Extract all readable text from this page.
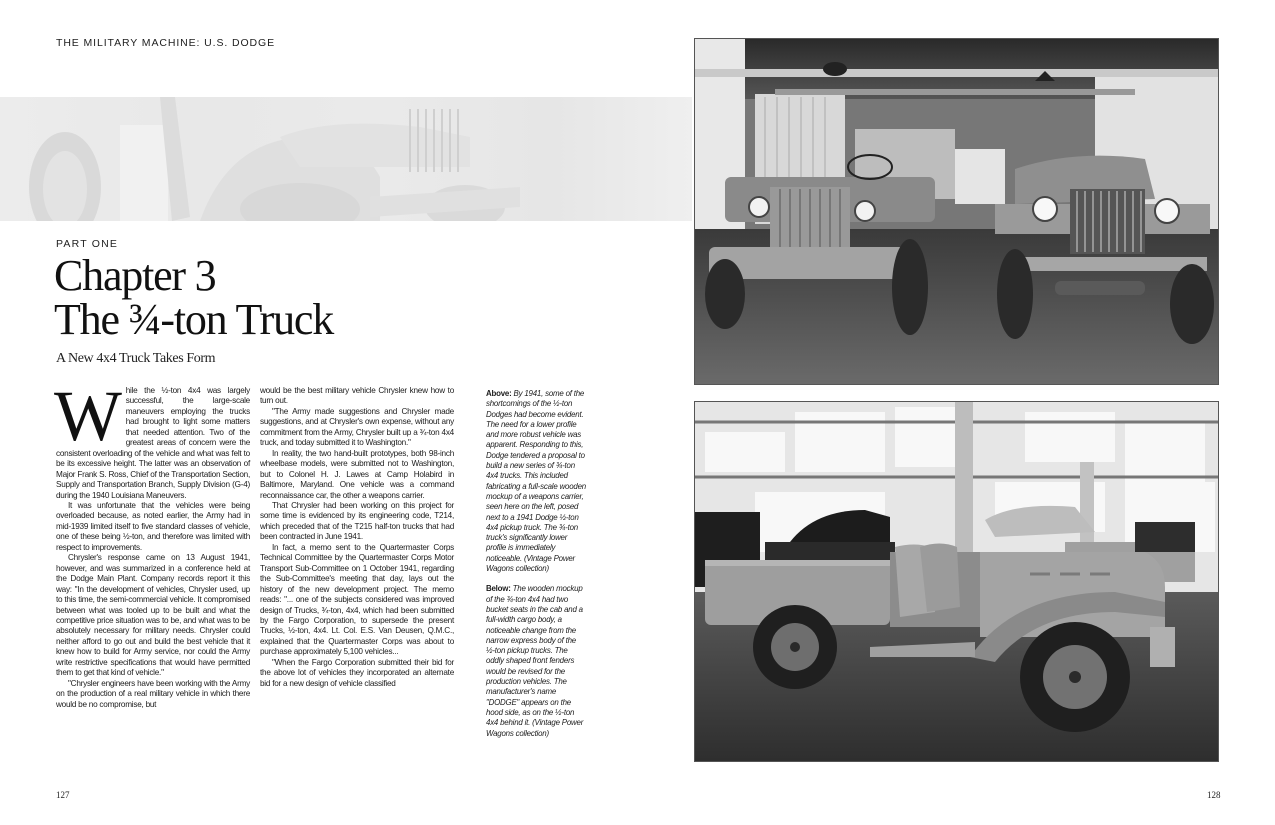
THE MILITARY MACHINE: U.S. DODGE
PART ONE
Chapter 3
The ¾-ton Truck
A New 4x4 Truck Takes Form

While the ½-ton 4x4 was largely successful, the large-scale maneuvers employing the trucks had brought to light some matters that needed attention. Two of the greatest areas of concern were the consistent overloading of the vehicle and what was felt to be its excessive height. The latter was an observation of Major Frank S. Ross, Chief of the Transportation Section, Supply and Transportation Branch, Supply Division (G-4) during the 1940 Louisiana Maneuvers.

It was unfortunate that the vehicles were being overloaded because, as noted earlier, the Army had in mid-1939 limited itself to five standard classes of vehicle, one of these being ½-ton, and therefore was limited with respect to improvements.

Chrysler's response came on 13 August 1941, however, and was summarized in a conference held at the Dodge Main Plant. Company records report it this way: "In the development of vehicles, Chrysler used, up to this time, the semi-commercial vehicle. It compromised between what was tooled up to be built and what the competitive price situation was to be, and what was to be absolutely necessary for military needs. Chrysler could neither afford to go out and build the best vehicle that it knew how to build for Army service, nor could the Army write restrictive specifications that would have permitted them to get that kind of vehicle."

"Chrysler engineers have been working with the Army on the production of a real military vehicle in which there would be no compromise, but

would be the best military vehicle Chrysler knew how to turn out.

"The Army made suggestions and Chrysler made suggestions, and at Chrysler's own expense, without any commitment from the Army, Chrysler built up a ¾-ton 4x4 truck, and today submitted it to Washington."

In reality, the two hand-built prototypes, both 98-inch wheelbase models, were submitted not to Washington, but to Colonel H. J. Lawes at Camp Holabird in Baltimore, Maryland. One vehicle was a command reconnaissance car, the other a weapons carrier.

That Chrysler had been working on this project for some time is evidenced by its engineering code, T214, which preceded that of the T215 half-ton trucks that had been contracted in June 1941.

In fact, a memo sent to the Quartermaster Corps Technical Committee by the Quartermaster Corps Motor Transport Sub-Committee on 1 October 1941, regarding the Sub-Committee's meeting that day, lays out the history of the new development project. The memo reads: "... one of the subjects considered was improved design of Trucks, ¾-ton, 4x4, which had been submitted by the Fargo Corporation, to supersede the present Trucks, ½-ton, 4x4. Lt. Col. E.S. Van Deusen, Q.M.C., explained that the Quartermaster Corps was about to purchase approximately 5,100 vehicles...

"When the Fargo Corporation submitted their bid for the above lot of vehicles they incorporated an alternate bid for a new design of vehicle classified

Above: By 1941, some of the shortcomings of the ½-ton Dodges had become evident. The need for a lower profile and more robust vehicle was apparent. Responding to this, Dodge tendered a proposal to build a new series of ¾-ton 4x4 trucks. This included fabricating a full-scale wooden mockup of a weapons carrier, seen here on the left, posed next to a 1941 Dodge ½-ton 4x4 pickup truck. The ¾-ton truck's significantly lower profile is immediately noticeable. (Vintage Power Wagons collection)
Below: The wooden mockup of the ¾-ton 4x4 had two bucket seats in the cab and a full-width cargo body, a noticeable change from the narrow express body of the ½-ton pickup trucks. The oddly shaped front fenders would be revised for the production vehicles. The manufacturer's name "DODGE" appears on the hood side, as on the ½-ton 4x4 behind it. (Vintage Power Wagons collection)
127	128
